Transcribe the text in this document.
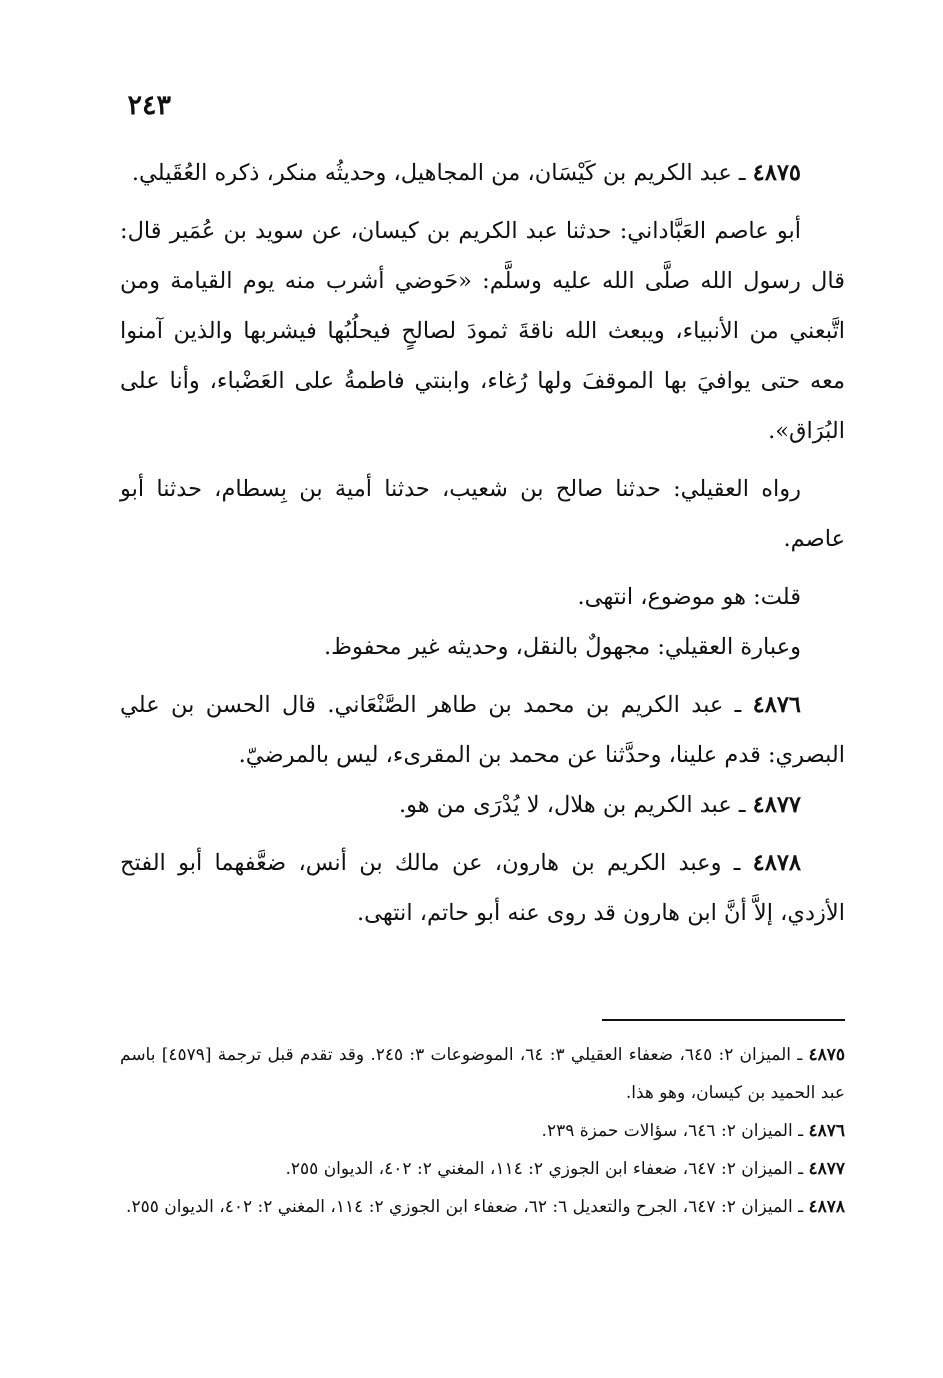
٢٤٣

٤٨٧٥ ـ عبد الكريم بن كَيْسَان، من المجاهيل، وحديثُه منكر، ذكره العُقَيلي.

أبو عاصم العَبَّاداني: حدثنا عبد الكريم بن كيسان، عن سويد بن عُمَير قال: قال رسول الله صلَّى الله عليه وسلَّم: «حَوضي أشرب منه يوم القيامة ومن اتَّبعني من الأنبياء، ويبعث الله ناقةَ ثمودَ لصالحٍ فيحلُبُها فيشربها والذين آمنوا معه حتى يوافيَ بها الموقفَ ولها رُغاء، وابنتي فاطمةُ على العَضْباء، وأنا على البُرَاق».

رواه العقيلي: حدثنا صالح بن شعيب، حدثنا أمية بن بِسطام، حدثنا أبو عاصم.

قلت: هو موضوع، انتهى.

وعبارة العقيلي: مجهولٌ بالنقل، وحديثه غير محفوظ.

٤٨٧٦ ـ عبد الكريم بن محمد بن طاهر الصَّنْعَاني. قال الحسن بن علي البصري: قدم علينا، وحدَّثنا عن محمد بن المقرىء، ليس بالمرضيّ.

٤٨٧٧ ـ عبد الكريم بن هلال، لا يُدْرَى من هو.

٤٨٧٨ ـ وعبد الكريم بن هارون، عن مالك بن أنس، ضعَّفهما أبو الفتح الأزدي، إلاَّ أنَّ ابن هارون قد روى عنه أبو حاتم، انتهى.

٤٨٧٥ ـ الميزان ٢: ٦٤٥، ضعفاء العقيلي ٣: ٦٤، الموضوعات ٣: ٢٤٥. وقد تقدم قبل ترجمة [٤٥٧٩] باسم عبد الحميد بن كيسان، وهو هذا.

٤٨٧٦ ـ الميزان ٢: ٦٤٦، سؤالات حمزة ٢٣٩.

٤٨٧٧ ـ الميزان ٢: ٦٤٧، ضعفاء ابن الجوزي ٢: ١١٤، المغني ٢: ٤٠٢، الديوان ٢٥٥.

٤٨٧٨ ـ الميزان ٢: ٦٤٧، الجرح والتعديل ٦: ٦٢، ضعفاء ابن الجوزي ٢: ١١٤، المغني ٢: ٤٠٢، الديوان ٢٥٥.
